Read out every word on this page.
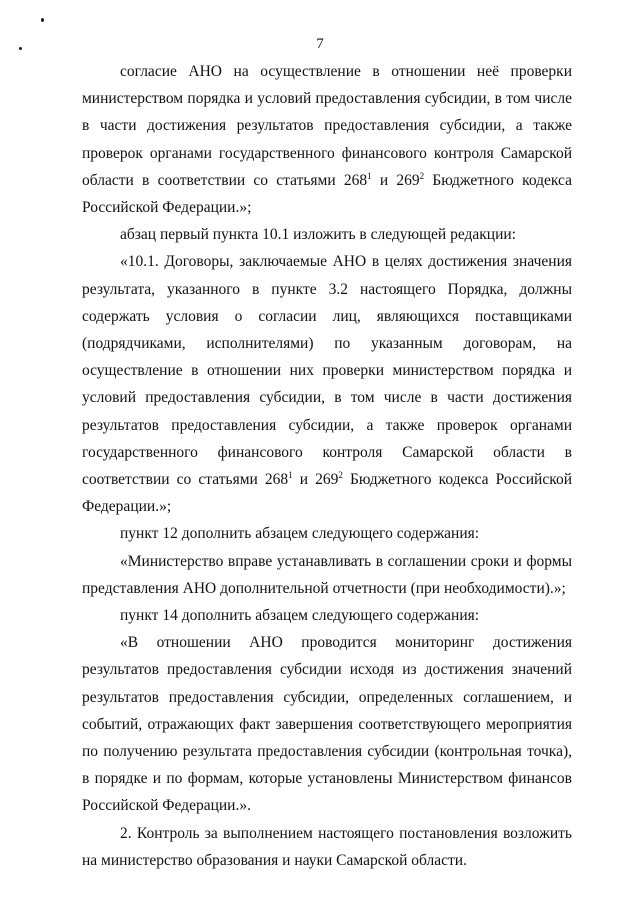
7

согласие АНО на осуществление в отношении неё проверки министерством порядка и условий предоставления субсидии, в том числе в части достижения результатов предоставления субсидии, а также проверок органами государственного финансового контроля Самарской области в соответствии со статьями $268^1$ и $269^2$ Бюджетного кодекса Российской Федерации.»;

абзац первый пункта 10.1 изложить в следующей редакции:

«10.1. Договоры, заключаемые АНО в целях достижения значения результата, указанного в пункте 3.2 настоящего Порядка, должны содержать условия о согласии лиц, являющихся поставщиками (подрядчиками, исполнителями) по указанным договорам, на осуществление в отношении них проверки министерством порядка и условий предоставления субсидии, в том числе в части достижения результатов предоставления субсидии, а также проверок органами государственного финансового контроля Самарской области в соответствии со статьями $268^1$ и $269^2$ Бюджетного кодекса Российской Федерации.»;

пункт 12 дополнить абзацем следующего содержания:

«Министерство вправе устанавливать в соглашении сроки и формы представления АНО дополнительной отчетности (при необходимости).»;

пункт 14 дополнить абзацем следующего содержания:

«В отношении АНО проводится мониторинг достижения результатов предоставления субсидии исходя из достижения значений результатов предоставления субсидии, определенных соглашением, и событий, отражающих факт завершения соответствующего мероприятия по получению результата предоставления субсидии (контрольная точка), в порядке и по формам, которые установлены Министерством финансов Российской Федерации.».

2. Контроль за выполнением настоящего постановления возложить на министерство образования и науки Самарской области.
